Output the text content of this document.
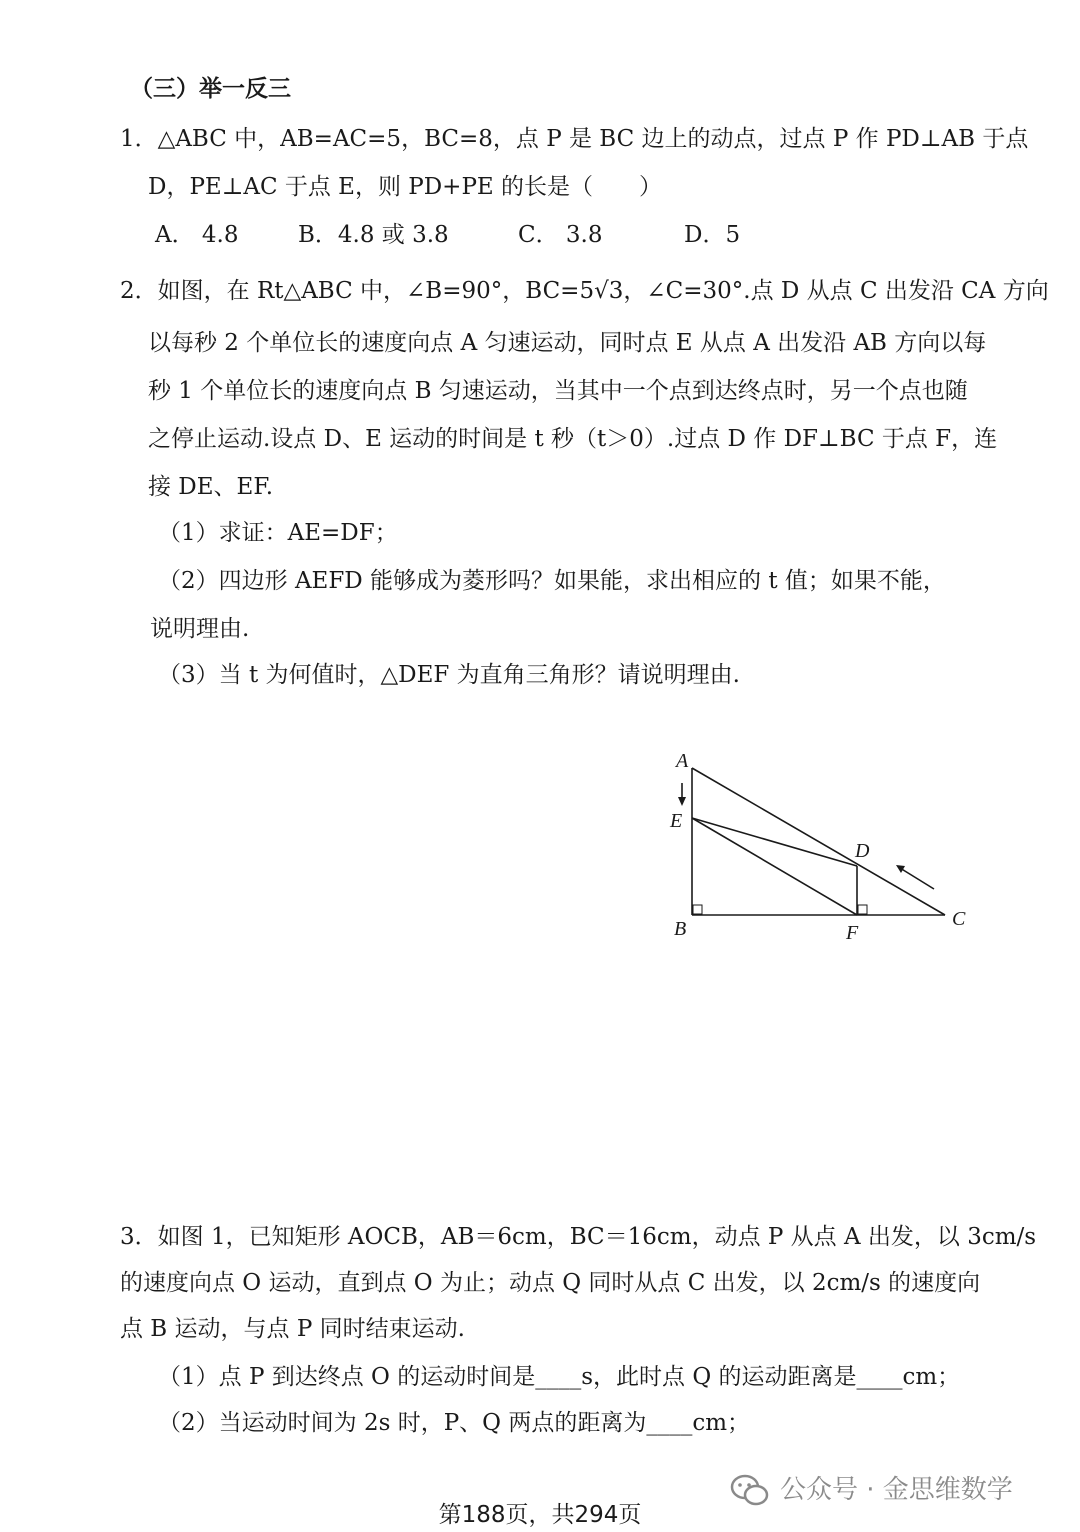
（三）举一反三
1．△ABC 中，AB=AC=5，BC=8，点 P 是 BC 边上的动点，过点 P 作 PD⊥AB 于点
D，PE⊥AC 于点 E，则 PD+PE 的长是（　　）
A． 4.8	B．4.8 或 3.8	C． 3.8	D．5
2．如图，在 Rt△ABC 中，∠B=90°，BC=5√3，∠C=30°.点 D 从点 C 出发沿 CA 方向
以每秒 2 个单位长的速度向点 A 匀速运动，同时点 E 从点 A 出发沿 AB 方向以每
秒 1 个单位长的速度向点 B 匀速运动，当其中一个点到达终点时，另一个点也随
之停止运动.设点 D、E 运动的时间是 t 秒（t＞0）.过点 D 作 DF⊥BC 于点 F，连
接 DE、EF.
（1）求证：AE=DF；
（2）四边形 AEFD 能够成为菱形吗？如果能，求出相应的 t 值；如果不能，
说明理由.
（3）当 t 为何值时，△DEF 为直角三角形？请说明理由.
A
E
D
B	F
C
3．如图 1，已知矩形 AOCB，AB＝6cm，BC＝16cm，动点 P 从点 A 出发，以 3cm/s
的速度向点 O 运动，直到点 O 为止；动点 Q 同时从点 C 出发，以 2cm/s 的速度向
点 B 运动，与点 P 同时结束运动.
（1）点 P 到达终点 O 的运动时间是____s，此时点 Q 的运动距离是____cm；
（2）当运动时间为 2s 时，P、Q 两点的距离为____cm；
公众号 · 金思维数学
第188页，共294页
